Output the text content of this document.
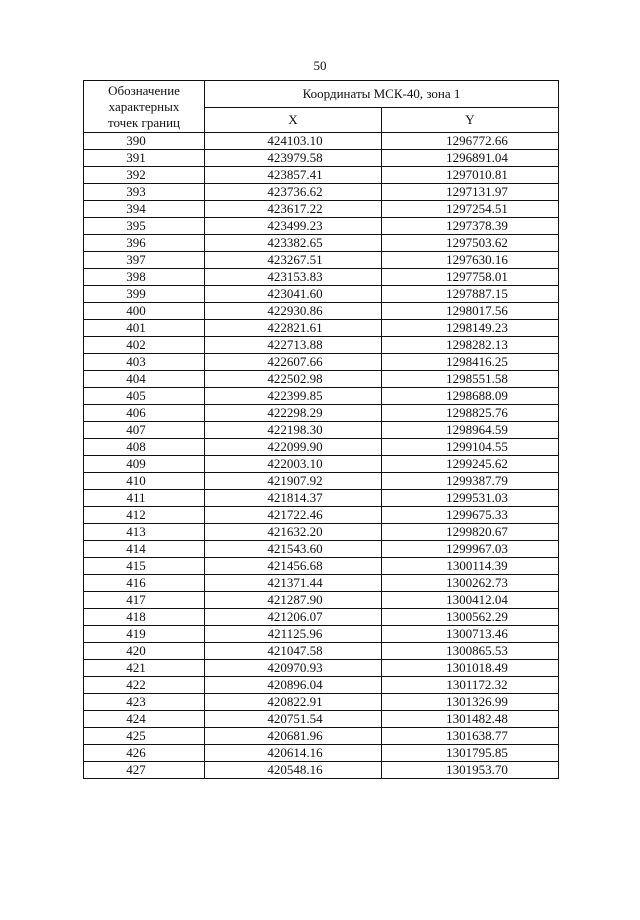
50
Обозначение
характерных
точек границ	Координаты МСК-40, зона 1	
	X	Y
390	424103.10	1296772.66
391	423979.58	1296891.04
392	423857.41	1297010.81
393	423736.62	1297131.97
394	423617.22	1297254.51
395	423499.23	1297378.39
396	423382.65	1297503.62
397	423267.51	1297630.16
398	423153.83	1297758.01
399	423041.60	1297887.15
400	422930.86	1298017.56
401	422821.61	1298149.23
402	422713.88	1298282.13
403	422607.66	1298416.25
404	422502.98	1298551.58
405	422399.85	1298688.09
406	422298.29	1298825.76
407	422198.30	1298964.59
408	422099.90	1299104.55
409	422003.10	1299245.62
410	421907.92	1299387.79
411	421814.37	1299531.03
412	421722.46	1299675.33
413	421632.20	1299820.67
414	421543.60	1299967.03
415	421456.68	1300114.39
416	421371.44	1300262.73
417	421287.90	1300412.04
418	421206.07	1300562.29
419	421125.96	1300713.46
420	421047.58	1300865.53
421	420970.93	1301018.49
422	420896.04	1301172.32
423	420822.91	1301326.99
424	420751.54	1301482.48
425	420681.96	1301638.77
426	420614.16	1301795.85
427	420548.16	1301953.70
